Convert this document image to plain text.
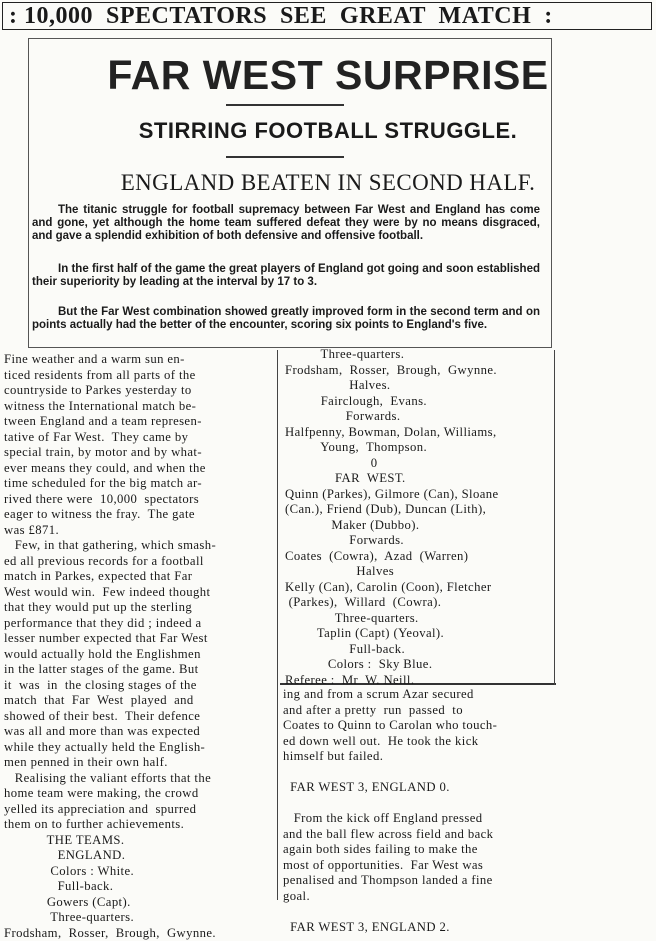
: 10,000  SPECTATORS  SEE  GREAT  MATCH  :
FAR WEST SURPRISE
STIRRING FOOTBALL STRUGGLE.
ENGLAND BEATEN IN SECOND HALF.

The titanic struggle for football supremacy between Far West and England has come and gone, yet although the home team suffered defeat they were by no means disgraced, and gave a splendid exhibition of both defensive and offensive football.

In the first half of the game the great players of England got going and soon established their superiority by leading at the interval by 17 to 3.

But the Far West combination showed greatly improved form in the second term and on points actually had the better of the encounter, scoring six points to England's five.

Fine weather and a warm sun en-
ticed residents from all parts of the
countryside to Parkes yesterday to
witness the International match be-
tween England and a team represen-
tative of Far West.  They came by
special train, by motor and by what-
ever means they could, and when the
time scheduled for the big match ar-
rived there were  10,000  spectators
eager to witness the fray.  The gate
was £871.
Few, in that gathering, which smash-
ed all previous records for a football
match in Parkes, expected that Far
West would win.  Few indeed thought
that they would put up the sterling
performance that they did ; indeed a
lesser number expected that Far West
would actually hold the Englishmen
in the latter stages of the game. But
it  was  in  the closing stages of the
match  that  Far  West  played  and
showed of their best.  Their defence
was all and more than was expected
while they actually held the English-
men penned in their own half.
Realising the valiant efforts that the
home team were making, the crowd
yelled its appreciation and  spurred
them on to further achievements.
THE TEAMS.
ENGLAND.
Colors : White.
Full-back.
Gowers (Capt).
Three-quarters.
Frodsham,  Rosser,  Brough,  Gwynne.
Three-quarters.
Frodsham,  Rosser,  Brough,  Gwynne.
Halves.
Fairclough,  Evans.
Forwards.
Halfpenny, Bowman, Dolan, Williams,
Young,  Thompson.
0
FAR  WEST.
Quinn (Parkes), Gilmore (Can), Sloane
(Can.), Friend (Dub), Duncan (Lith),
Maker (Dubbo).
Forwards.
Coates  (Cowra),  Azad  (Warren)
Halves
Kelly (Can), Carolin (Coon), Fletcher
(Parkes),  Willard  (Cowra).
Three-quarters.
Taplin (Capt) (Yeoval).
Full-back.
Colors :  Sky Blue.
Referee :  Mr  W. Neill.
ing and from a scrum Azar secured
and after a pretty  run  passed  to
Coates to Quinn to Carolan who touch-
ed down well out.  He took the kick
himself but failed.

FAR WEST 3, ENGLAND 0.

From the kick off England pressed
and the ball flew across field and back
again both sides failing to make the
most of opportunities.  Far West was
penalised and Thompson landed a fine
goal.

FAR WEST 3, ENGLAND 2.
